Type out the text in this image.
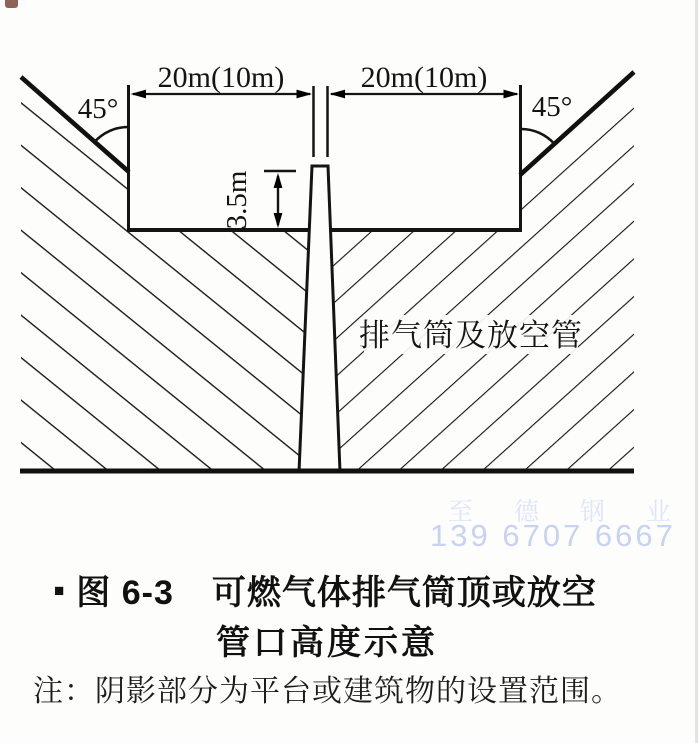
排气筒及放空管
20m(10m)	20m(10m)
45°	45°
3.5m
至 德 钢 业
139 6707 6667
■ 图 6-3 可燃气体排气筒顶或放空
管口高度示意
注：阴影部分为平台或建筑物的设置范围。
